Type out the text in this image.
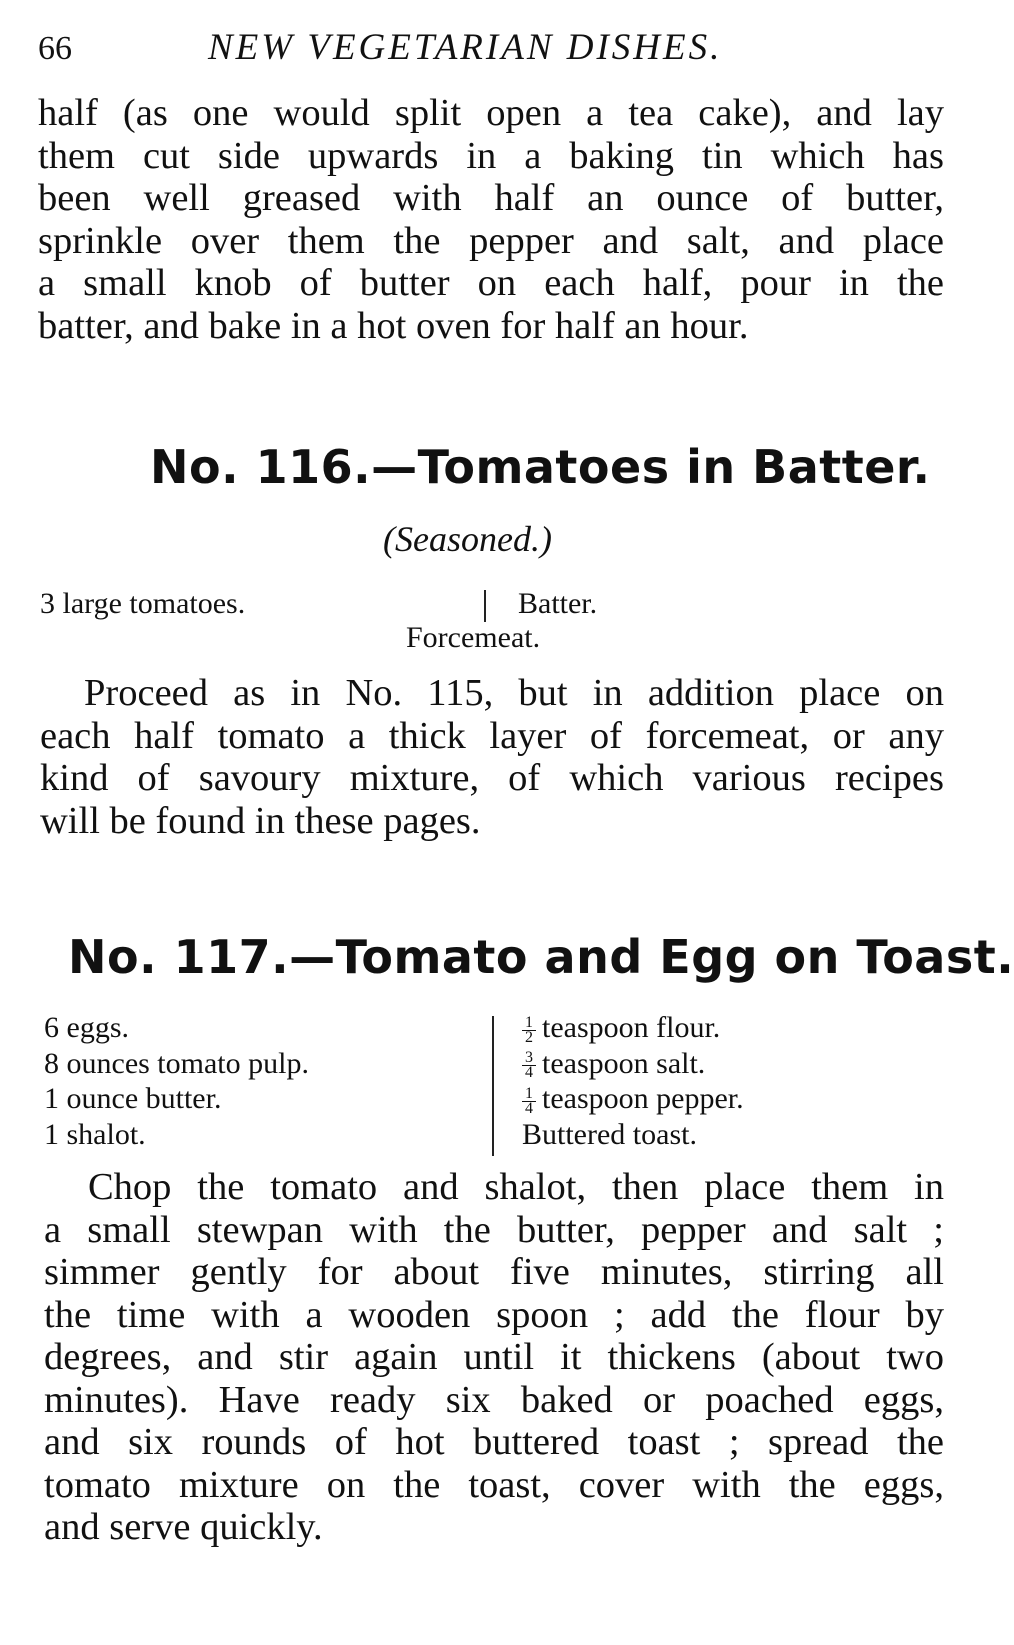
66	NEW VEGETARIAN DISHES.
half (as one would split open a tea cake), and lay
them cut side upwards in a baking tin which has
been well greased with half an ounce of butter,
sprinkle over them the pepper and salt, and place
a small knob of butter on each half, pour in the
batter, and bake in a hot oven for half an hour.
No. 116.—Tomatoes in Batter.
(Seasoned.)
3 large tomatoes.	Batter.
Forcemeat.
Proceed as in No. 115, but in addition place on
each half tomato a thick layer of forcemeat, or any
kind of savoury mixture, of which various recipes
will be found in these pages.
No. 117.—Tomato and Egg on Toast.
6 eggs.
8 ounces tomato pulp.
1 ounce butter.
1 shalot.
$\frac{1}{2}$ teaspoon flour.
$\frac{3}{4}$ teaspoon salt.
$\frac{1}{4}$ teaspoon pepper.
Buttered toast.
Chop the tomato and shalot, then place them in
a small stewpan with the butter, pepper and salt ;
simmer gently for about five minutes, stirring all
the time with a wooden spoon ; add the flour by
degrees, and stir again until it thickens (about two
minutes). Have ready six baked or poached eggs,
and six rounds of hot buttered toast ; spread the
tomato mixture on the toast, cover with the eggs,
and serve quickly.
